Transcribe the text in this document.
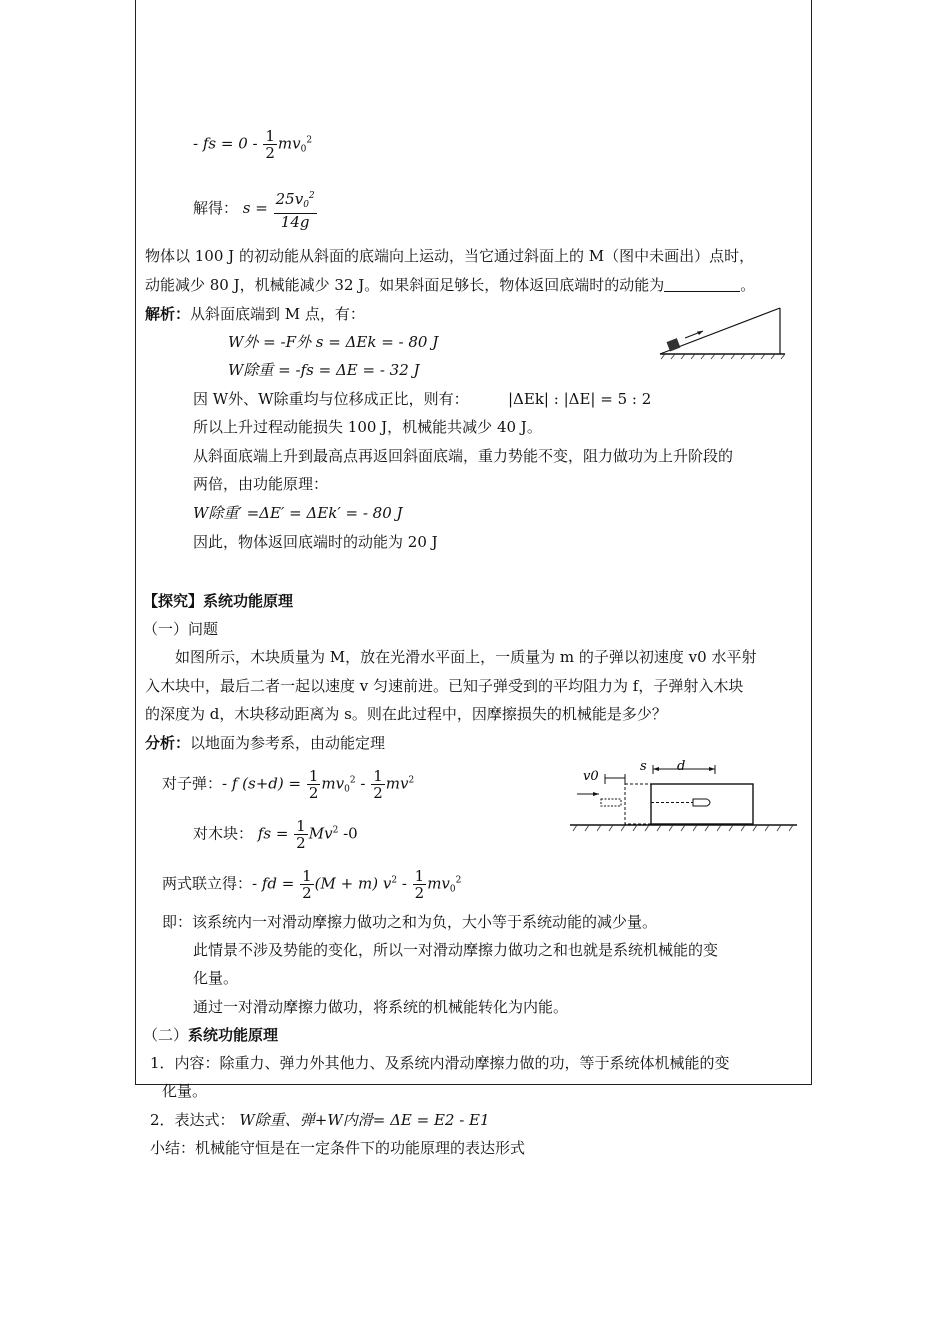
- fs = $0 - \frac{1}{2} mv_0^2$
解得： $s = \frac{25v_0^2}{14g}$
物体以 100 J 的初动能从斜面的底端向上运动，当它通过斜面上的 M（图中未画出）点时，
动能减少 80 J，机械能减少 32 J。如果斜面足够长，物体返回底端时的动能为	。
解析：从斜面底端到 M 点，有：
W外 = -F外 s = ΔEk = - 80 J
W除重 = -fs = ΔE = - 32 J
因 W外、W除重均与位移成正比，则有：	|ΔEk| : |ΔE| = 5 : 2
所以上升过程动能损失 100 J，机械能共减少 40 J。
从斜面底端上升到最高点再返回斜面底端，重力势能不变，阻力做功为上升阶段的
两倍，由功能原理：
W除重′ =ΔE′ = ΔEk′ = - 80 J
因此，物体返回底端时的动能为 20 J
【探究】系统功能原理
（一）问题
如图所示，木块质量为 M，放在光滑水平面上，一质量为 m 的子弹以初速度 v0 水平射
入木块中，最后二者一起以速度 v 匀速前进。已知子弹受到的平均阻力为 f，子弹射入木块
的深度为 d，木块移动距离为 s。则在此过程中，因摩擦损失的机械能是多少？
分析：以地面为参考系，由动能定理
对子弹：- f $(s+d) = \frac{1}{2} mv_0^2 - \frac{1}{2} mv^2$
对木块： fs = $\frac{1}{2} Mv^2$ -0
两式联立得：- fd = $\frac{1}{2} (M + m)$ $v^2 - \frac{1}{2} mv_0^2$
v0
s d
即：该系统内一对滑动摩擦力做功之和为负，大小等于系统动能的减少量。
此情景不涉及势能的变化，所以一对滑动摩擦力做功之和也就是系统机械能的变
化量。
通过一对滑动摩擦力做功，将系统的机械能转化为内能。
（二）系统功能原理
1．内容：除重力、弹力外其他力、及系统内滑动摩擦力做的功，等于系统体机械能的变
化量。
2．表达式： W除重、弹+W内滑= ΔE = E2 - E1
小结：机械能守恒是在一定条件下的功能原理的表达形式
